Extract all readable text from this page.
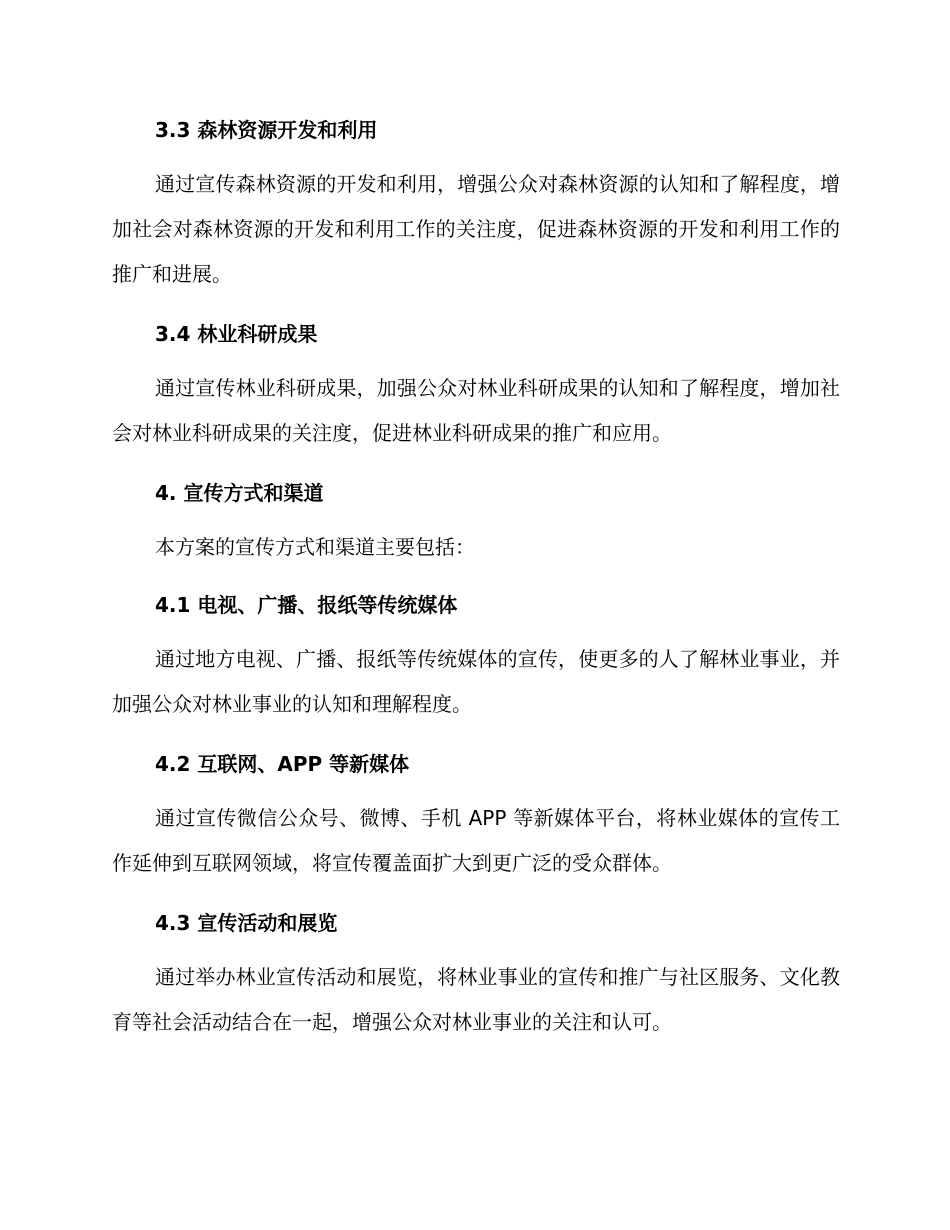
3.3 森林资源开发和利用

通过宣传森林资源的开发和利用，增强公众对森林资源的认知和了解程度，增加社会对森林资源的开发和利用工作的关注度，促进森林资源的开发和利用工作的推广和进展。

3.4 林业科研成果

通过宣传林业科研成果，加强公众对林业科研成果的认知和了解程度，增加社会对林业科研成果的关注度，促进林业科研成果的推广和应用。

4. 宣传方式和渠道

本方案的宣传方式和渠道主要包括：

4.1 电视、广播、报纸等传统媒体

通过地方电视、广播、报纸等传统媒体的宣传，使更多的人了解林业事业，并加强公众对林业事业的认知和理解程度。

4.2 互联网、APP 等新媒体

通过宣传微信公众号、微博、手机 APP 等新媒体平台，将林业媒体的宣传工作延伸到互联网领域，将宣传覆盖面扩大到更广泛的受众群体。

4.3 宣传活动和展览

通过举办林业宣传活动和展览，将林业事业的宣传和推广与社区服务、文化教育等社会活动结合在一起，增强公众对林业事业的关注和认可。
